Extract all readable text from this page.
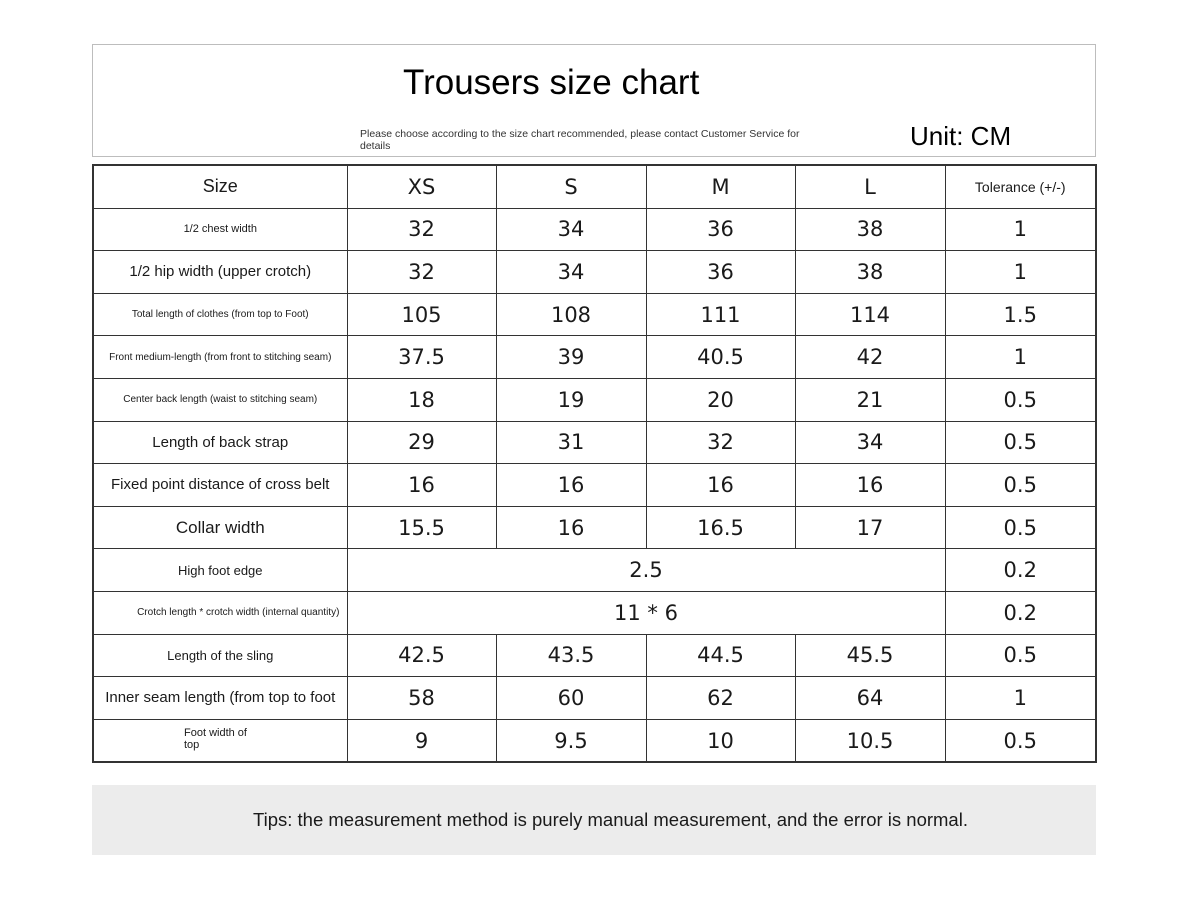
Trousers size chart
Please choose according to the size chart recommended, please contact Customer Service for details	Unit: CM
Size	XS	S	M	L	Tolerance (+/-)
1/2 chest width	32	34	36	38	1
1/2 hip width (upper crotch)	32	34	36	38	1
Total length of clothes (from top to Foot)	105	108	111	114	1.5
Front medium-length (from front to stitching seam)	37.5	39	40.5	42	1
Center back length (waist to stitching seam)	18	19	20	21	0.5
Length of back strap	29	31	32	34	0.5
Fixed point distance of cross belt	16	16	16	16	0.5
Collar width	15.5	16	16.5	17	0.5
High foot edge	2.5				0.2
Crotch length * crotch width (internal quantity)	11 * 6				0.2
Length of the sling	42.5	43.5	44.5	45.5	0.5
Inner seam length (from top to foot	58	60	62	64	1
Foot width of
top	9	9.5	10	10.5	0.5
Tips: the measurement method is purely manual measurement, and the error is normal.
